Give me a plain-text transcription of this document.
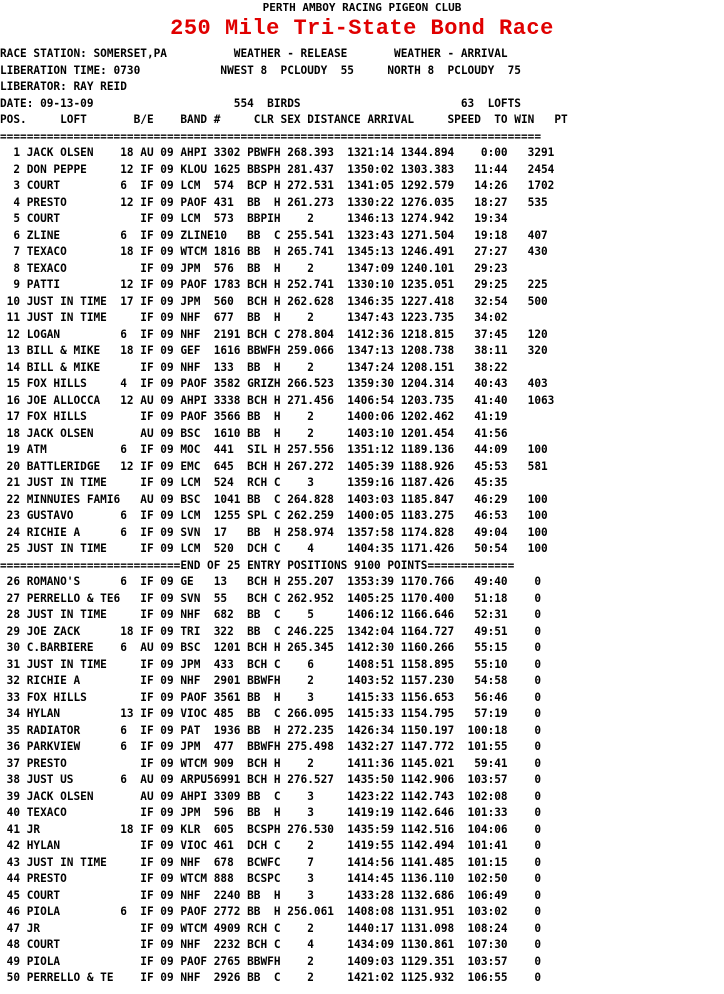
PERTH AMBOY RACING PIGEON CLUB
250 Mile Tri-State Bond Race
RACE STATION: SOMERSET,PA          WEATHER - RELEASE       WEATHER - ARRIVAL
LIBERATION TIME: 0730            NWEST 8  PCLOUDY  55     NORTH 8  PCLOUDY  75
LIBERATOR: RAY REID
DATE: 09-13-09                     554  BIRDS                        63  LOFTS
POS.     LOFT       B/E    BAND #     CLR SEX DISTANCE ARRIVAL     SPEED  TO WIN   PT
=================================================================================
1 JACK OLSEN    18 AU 09 AHPI 3302 PBWFH 268.393  1321:14 1344.894    0:00   3291
2 DON PEPPE     12 IF 09 KLOU 1625 BBSPH 281.437  1350:02 1303.383   11:44   2454
3 COURT         6  IF 09 LCM  574  BCP H 272.531  1341:05 1292.579   14:26   1702
4 PRESTO        12 IF 09 PAOF 431  BB  H 261.273  1330:22 1276.035   18:27   535
5 COURT            IF 09 LCM  573  BBPIH    2     1346:13 1274.942   19:34
6 ZLINE         6  IF 09 ZLINE10   BB  C 255.541  1323:43 1271.504   19:18   407
7 TEXACO        18 IF 09 WTCM 1816 BB  H 265.741  1345:13 1246.491   27:27   430
8 TEXACO           IF 09 JPM  576  BB  H    2     1347:09 1240.101   29:23
9 PATTI         12 IF 09 PAOF 1783 BCH H 252.741  1330:10 1235.051   29:25   225
10 JUST IN TIME  17 IF 09 JPM  560  BCH H 262.628  1346:35 1227.418   32:54   500
11 JUST IN TIME     IF 09 NHF  677  BB  H    2     1347:43 1223.735   34:02
12 LOGAN         6  IF 09 NHF  2191 BCH C 278.804  1412:36 1218.815   37:45   120
13 BILL & MIKE   18 IF 09 GEF  1616 BBWFH 259.066  1347:13 1208.738   38:11   320
14 BILL & MIKE      IF 09 NHF  133  BB  H    2     1347:24 1208.151   38:22
15 FOX HILLS     4  IF 09 PAOF 3582 GRIZH 266.523  1359:30 1204.314   40:43   403
16 JOE ALLOCCA   12 AU 09 AHPI 3338 BCH H 271.456  1406:54 1203.735   41:40   1063
17 FOX HILLS        IF 09 PAOF 3566 BB  H    2     1400:06 1202.462   41:19
18 JACK OLSEN       AU 09 BSC  1610 BB  H    2     1403:10 1201.454   41:56
19 ATM           6  IF 09 MOC  441  SIL H 257.556  1351:12 1189.136   44:09   100
20 BATTLERIDGE   12 IF 09 EMC  645  BCH H 267.272  1405:39 1188.926   45:53   581
21 JUST IN TIME     IF 09 LCM  524  RCH C    3     1359:16 1187.426   45:35
22 MINNUIES FAMI6   AU 09 BSC  1041 BB  C 264.828  1403:03 1185.847   46:29   100
23 GUSTAVO       6  IF 09 LCM  1255 SPL C 262.259  1400:05 1183.275   46:53   100
24 RICHIE A      6  IF 09 SVN  17   BB  H 258.974  1357:58 1174.828   49:04   100
25 JUST IN TIME     IF 09 LCM  520  DCH C    4     1404:35 1171.426   50:54   100
===========================END OF 25 ENTRY POSITIONS 9100 POINTS=============
26 ROMANO'S      6  IF 09 GE   13   BCH H 255.207  1353:39 1170.766   49:40    0
27 PERRELLO & TE6   IF 09 SVN  55   BCH C 262.952  1405:25 1170.400   51:18    0
28 JUST IN TIME     IF 09 NHF  682  BB  C    5     1406:12 1166.646   52:31    0
29 JOE ZACK      18 IF 09 TRI  322  BB  C 246.225  1342:04 1164.727   49:51    0
30 C.BARBIERE    6  AU 09 BSC  1201 BCH H 265.345  1412:30 1160.266   55:15    0
31 JUST IN TIME     IF 09 JPM  433  BCH C    6     1408:51 1158.895   55:10    0
32 RICHIE A         IF 09 NHF  2901 BBWFH    2     1403:52 1157.230   54:58    0
33 FOX HILLS        IF 09 PAOF 3561 BB  H    3     1415:33 1156.653   56:46    0
34 HYLAN         13 IF 09 VIOC 485  BB  C 266.095  1415:33 1154.795   57:19    0
35 RADIATOR      6  IF 09 PAT  1936 BB  H 272.235  1426:34 1150.197  100:18    0
36 PARKVIEW      6  IF 09 JPM  477  BBWFH 275.498  1432:27 1147.772  101:55    0
37 PRESTO           IF 09 WTCM 909  BCH H    2     1411:36 1145.021   59:41    0
38 JUST US       6  AU 09 ARPU56991 BCH H 276.527  1435:50 1142.906  103:57    0
39 JACK OLSEN       AU 09 AHPI 3309 BB  C    3     1423:22 1142.743  102:08    0
40 TEXACO           IF 09 JPM  596  BB  H    3     1419:19 1142.646  101:33    0
41 JR            18 IF 09 KLR  605  BCSPH 276.530  1435:59 1142.516  104:06    0
42 HYLAN            IF 09 VIOC 461  DCH C    2     1419:55 1142.494  101:41    0
43 JUST IN TIME     IF 09 NHF  678  BCWFC    7     1414:56 1141.485  101:15    0
44 PRESTO           IF 09 WTCM 888  BCSPC    3     1414:45 1136.110  102:50    0
45 COURT            IF 09 NHF  2240 BB  H    3     1433:28 1132.686  106:49    0
46 PIOLA         6  IF 09 PAOF 2772 BB  H 256.061  1408:08 1131.951  103:02    0
47 JR               IF 09 WTCM 4909 RCH C    2     1440:17 1131.098  108:24    0
48 COURT            IF 09 NHF  2232 BCH C    4     1434:09 1130.861  107:30    0
49 PIOLA            IF 09 PAOF 2765 BBWFH    2     1409:03 1129.351  103:57    0
50 PERRELLO & TE    IF 09 NHF  2926 BB  C    2     1421:02 1125.932  106:55    0
